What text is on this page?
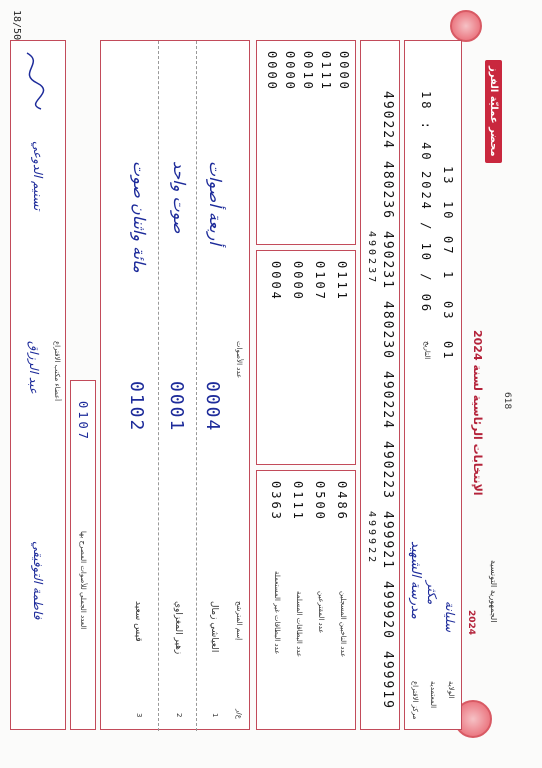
الإنتخابات الرئاسية لسنة 2024
الجمهورية التونسية
محضر عمليّة الفرز
2024
618
الولاية
سليانة
المعتمدية
مكثر
مركز الاقتراع
مدرسة الشهيد
01
03
1
07
10
13
التاريخ
2024 / 10 / 06
18 : 40
499919
499920
499921
490223
490224
480230
490231
480236
490224
499922
490237
عدد الناخبين المسجلين
0486
عدد المقترعين
0500
عدد البطاقات المسلمة
0111
عدد البطاقات غير المستعملة
0363
0111
0107
0000
0004
0000
0111
0010
0000
0000
ع/ر
إسم المترشح
عدد الأصوات
1
العياشي زمال
0004
أربعة أصوات
2
زهير المغزاوي
0001
صوت واحد
3
قيس سعيد
0102
مائة واثنان صوت
العدد الجملي للأصوات المصرح بها
0107
أعضاء مكتب الاقتراع
فاطمة التوفيقي
عبد الرزاق
تسنيم الدوعي
18/50
